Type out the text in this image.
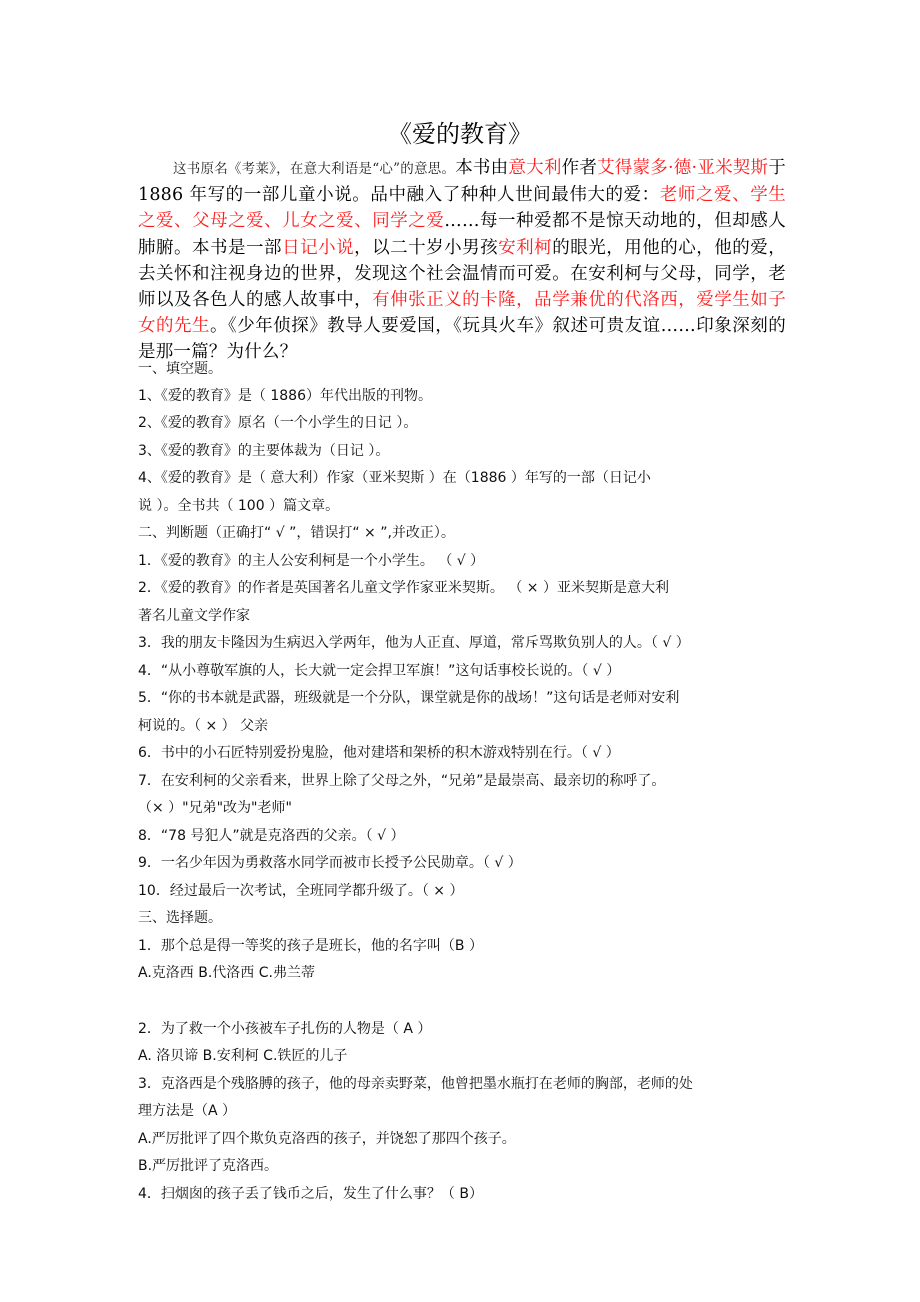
《爱的教育》
这书原名《考莱》，在意大利语是“心”的意思。本书由意大利作者艾得蒙多·德·亚米契斯于 1886 年写的一部儿童小说。品中融入了种种人世间最伟大的爱：老师之爱、学生之爱、父母之爱、儿女之爱、同学之爱……每一种爱都不是惊天动地的，但却感人肺腑。本书是一部日记小说，以二十岁小男孩安利柯的眼光，用他的心，他的爱，去关怀和注视身边的世界，发现这个社会温情而可爱。在安利柯与父母，同学，老师以及各色人的感人故事中，有伸张正义的卡隆，品学兼优的代洛西，爱学生如子女的先生。《少年侦探》教导人要爱国，《玩具火车》叙述可贵友谊……印象深刻的是那一篇？为什么？
一、填空题。
1、《爱的教育》是（ 1886）年代出版的刊物。
2、《爱的教育》原名（一个小学生的日记 ）。
3、《爱的教育》的主要体裁为（日记 ）。
4、《爱的教育》是（ 意大利）作家（亚米契斯 ）在（1886 ）年写的一部（日记小
说 ）。全书共（ 100 ）篇文章。
二、判断题（正确打“ √ ”，错误打“ × ”,并改正）。
1．《爱的教育》的主人公安利柯是一个小学生。 （ √ ）
2．《爱的教育》的作者是英国著名儿童文学作家亚米契斯。 （ × ）亚米契斯是意大利
著名儿童文学作家
3．我的朋友卡隆因为生病迟入学两年，他为人正直、厚道，常斥骂欺负别人的人。（ √ ）
4．“从小尊敬军旗的人，长大就一定会捍卫军旗！”这句话事校长说的。（ √ ）
5．“你的书本就是武器，班级就是一个分队，课堂就是你的战场！”这句话是老师对安利
柯说的。（ × ） 父亲
6．书中的小石匠特别爱扮鬼脸，他对建塔和架桥的积木游戏特别在行。（ √ ）
7．在安利柯的父亲看来，世界上除了父母之外，“兄弟”是最崇高、最亲切的称呼了。
（× ）"兄弟"改为"老师"
8．“78 号犯人”就是克洛西的父亲。（ √ ）
9．一名少年因为勇救落水同学而被市长授予公民勋章。（ √ ）
10．经过最后一次考试，全班同学都升级了。（ × ）
三、选择题。
1．那个总是得一等奖的孩子是班长，他的名字叫（B ）
A.克洛西 B.代洛西 C.弗兰蒂
2．为了救一个小孩被车子扎伤的人物是（ A ）
A. 洛贝谛 B.安利柯 C.铁匠的儿子
3．克洛西是个残胳膊的孩子，他的母亲卖野菜，他曾把墨水瓶打在老师的胸部，老师的处
理方法是（A ）
A.严厉批评了四个欺负克洛西的孩子，并饶恕了那四个孩子。
B.严厉批评了克洛西。
4．扫烟囱的孩子丢了钱币之后，发生了什么事？（ B）
